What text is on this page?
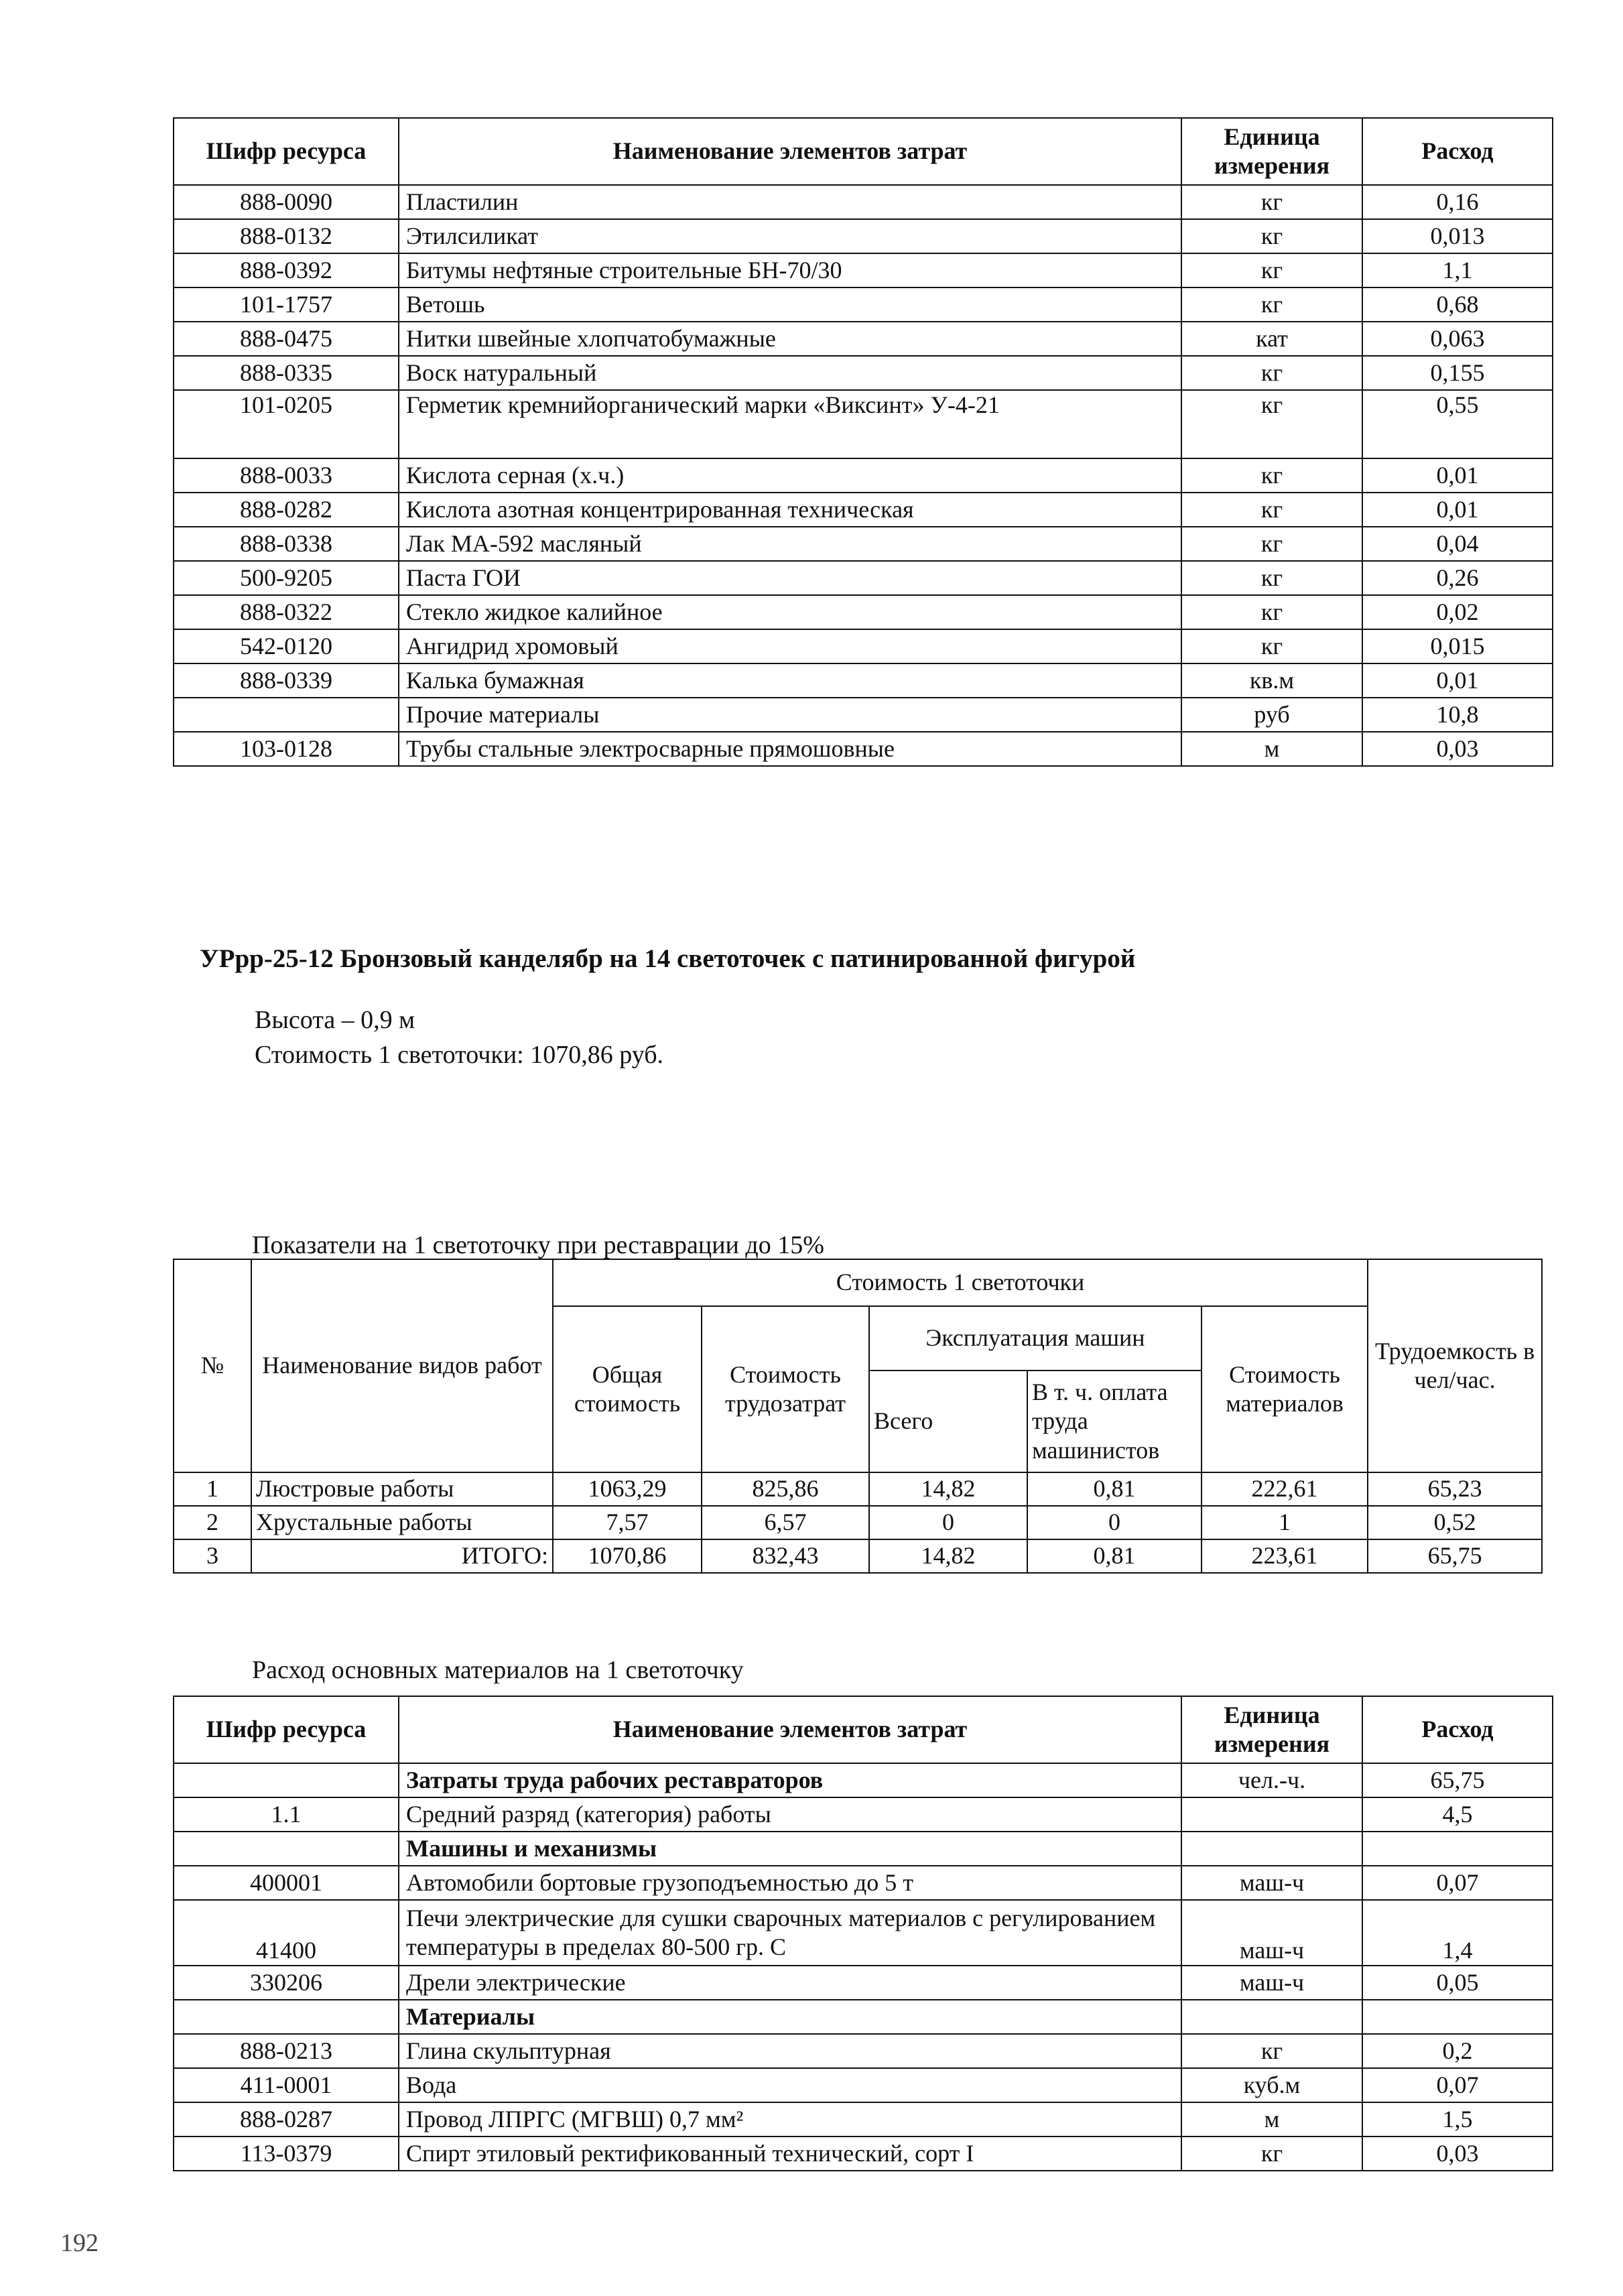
Шифр ресурса	Наименование элементов затрат	Единица измерения	Расход
888-0090	Пластилин	кг	0,16
888-0132	Этилсиликат	кг	0,013
888-0392	Битумы нефтяные строительные БН-70/30	кг	1,1
101-1757	Ветошь	кг	0,68
888-0475	Нитки швейные хлопчатобумажные	кат	0,063
888-0335	Воск натуральный	кг	0,155
101-0205	Герметик кремнийорганический марки «Виксинт» У-4-21	кг	0,55
888-0033	Кислота серная (х.ч.)	кг	0,01
888-0282	Кислота азотная концентрированная техническая	кг	0,01
888-0338	Лак МА-592 масляный	кг	0,04
500-9205	Паста ГОИ	кг	0,26
888-0322	Стекло жидкое калийное	кг	0,02
542-0120	Ангидрид хромовый	кг	0,015
888-0339	Калька бумажная	кв.м	0,01
	Прочие материалы	руб	10,8
103-0128	Трубы стальные электросварные прямошовные	м	0,03
УРрр-25-12 Бронзовый канделябр на 14 светоточек с патинированной фигурой
Высота – 0,9 м
Стоимость 1 светоточки: 1070,86 руб.
Показатели на 1 светоточку при реставрации до 15%
№	Наименование видов работ	Стоимость 1 светоточки					Трудоемкость в чел/час.
		Общая стоимость	Стоимость трудозатрат	Эксплуатация машин		Стоимость материалов	
				Всего	В т. ч. оплата труда машинистов		
1	Люстровые работы	1063,29	825,86	14,82	0,81	222,61	65,23
2	Хрустальные работы	7,57	6,57	0	0	1	0,52
3	ИТОГО:	1070,86	832,43	14,82	0,81	223,61	65,75
Расход основных материалов на 1 светоточку
Шифр ресурса	Наименование элементов затрат	Единица измерения	Расход
	Затраты труда рабочих реставраторов	чел.-ч.	65,75
1.1	Средний разряд (категория) работы		4,5
	Машины и механизмы		
400001	Автомобили бортовые грузоподъемностью до 5 т	маш-ч	0,07
41400	Печи электрические для сушки сварочных материалов с регулированием температуры в пределах 80-500 гр. С	маш-ч	1,4
330206	Дрели электрические	маш-ч	0,05
	Материалы		
888-0213	Глина скульптурная	кг	0,2
411-0001	Вода	куб.м	0,07
888-0287	Провод ЛПРГС (МГВШ) 0,7 мм²	м	1,5
113-0379	Спирт этиловый ректификованный технический, сорт I	кг	0,03
192
